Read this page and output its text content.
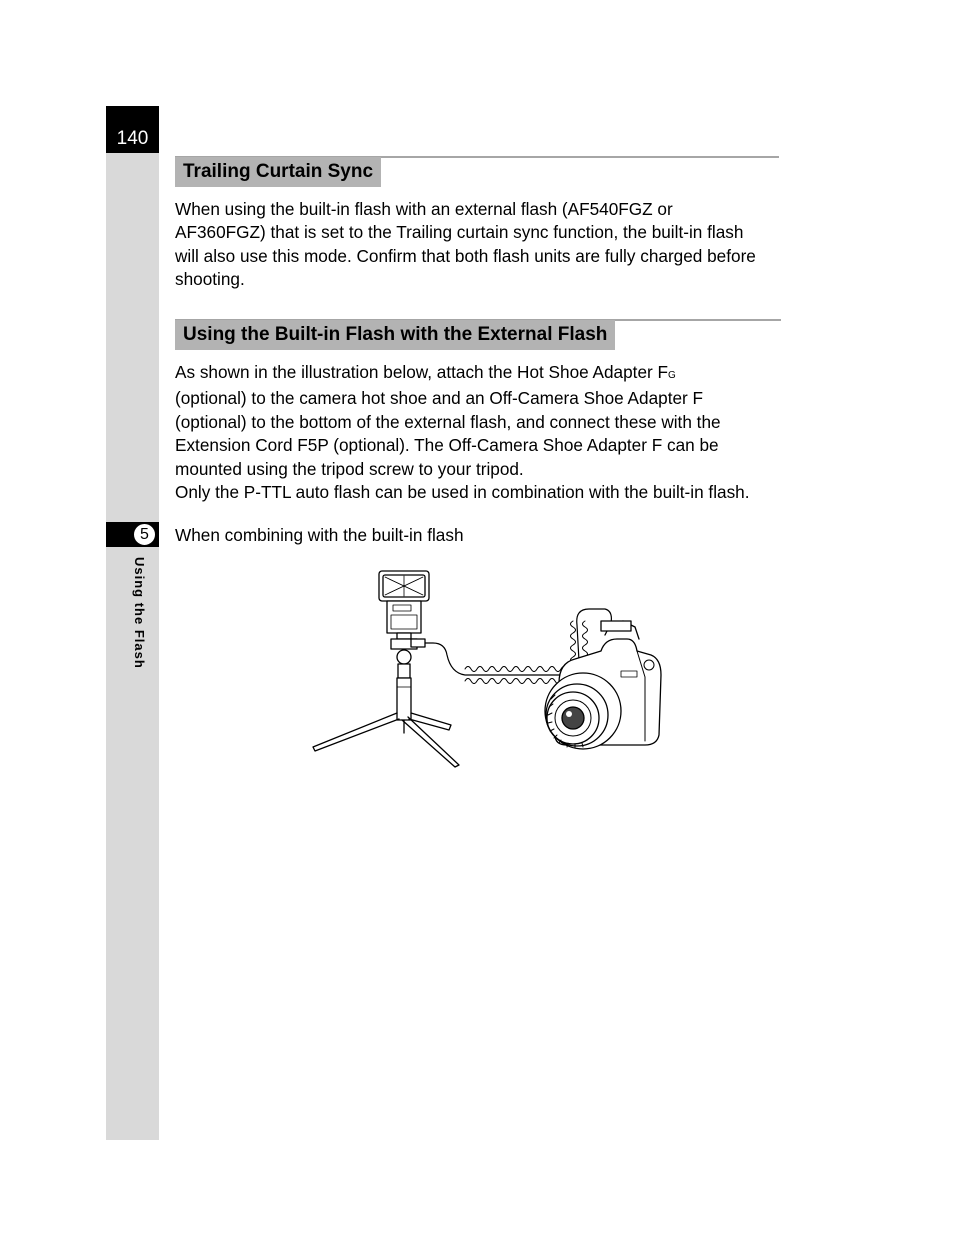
140
5
Using the Flash
Trailing Curtain Sync

When using the built-in flash with an external flash (AF540FGZ or

AF360FGZ) that is set to the Trailing curtain sync function, the built-in flash

will also use this mode. Confirm that both flash units are fully charged before

shooting.

Using the Built-in Flash with the External Flash

As shown in the illustration below, attach the Hot Shoe Adapter FG

(optional) to the camera hot shoe and an Off-Camera Shoe Adapter F

(optional) to the bottom of the external flash, and connect these with the

Extension Cord F5P (optional). The Off-Camera Shoe Adapter F can be

mounted using the tripod screw to your tripod.

Only the P-TTL auto flash can be used in combination with the built-in flash.

When combining with the built-in flash
